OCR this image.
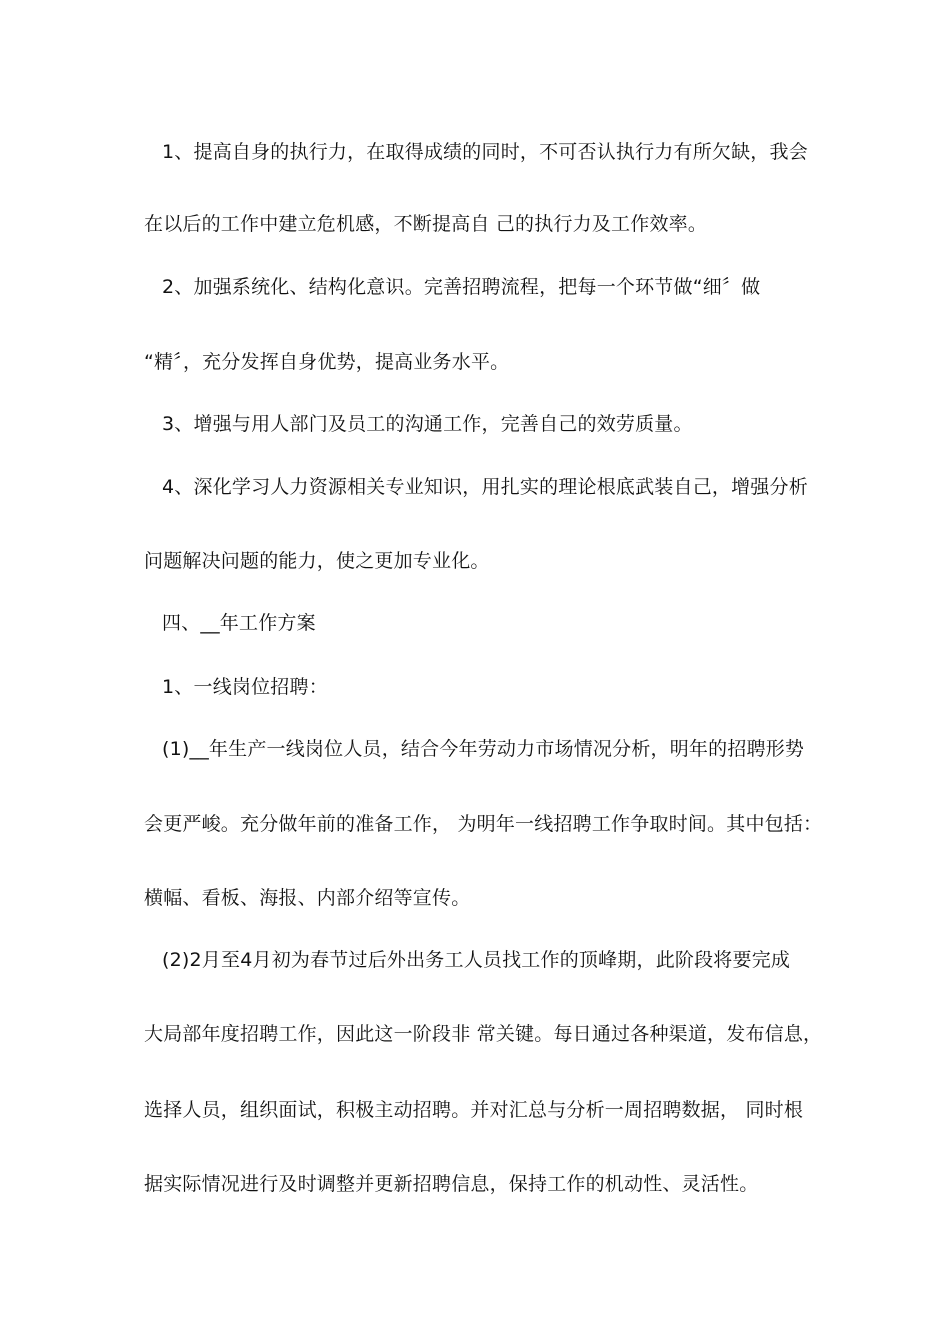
1、提高自身的执行力，在取得成绩的同时，不可否认执行力有所欠缺，我会
在以后的工作中建立危机感，不断提高自 己的执行力及工作效率。
2、加强系统化、结构化意识。完善招聘流程，把每一个环节做“细〞做
“精〞，充分发挥自身优势，提高业务水平。
3、增强与用人部门及员工的沟通工作，完善自己的效劳质量。
4、深化学习人力资源相关专业知识，用扎实的理论根底武装自己，增强分析
问题解决问题的能力，使之更加专业化。
四、__年工作方案
1、一线岗位招聘：
(1)__年生产一线岗位人员，结合今年劳动力市场情况分析，明年的招聘形势
会更严峻。充分做年前的准备工作， 为明年一线招聘工作争取时间。其中包括：
横幅、看板、海报、内部介绍等宣传。
(2)2月至4月初为春节过后外出务工人员找工作的顶峰期，此阶段将要完成
大局部年度招聘工作，因此这一阶段非 常关键。每日通过各种渠道，发布信息，
选择人员，组织面试，积极主动招聘。并对汇总与分析一周招聘数据， 同时根
据实际情况进行及时调整并更新招聘信息，保持工作的机动性、灵活性。
